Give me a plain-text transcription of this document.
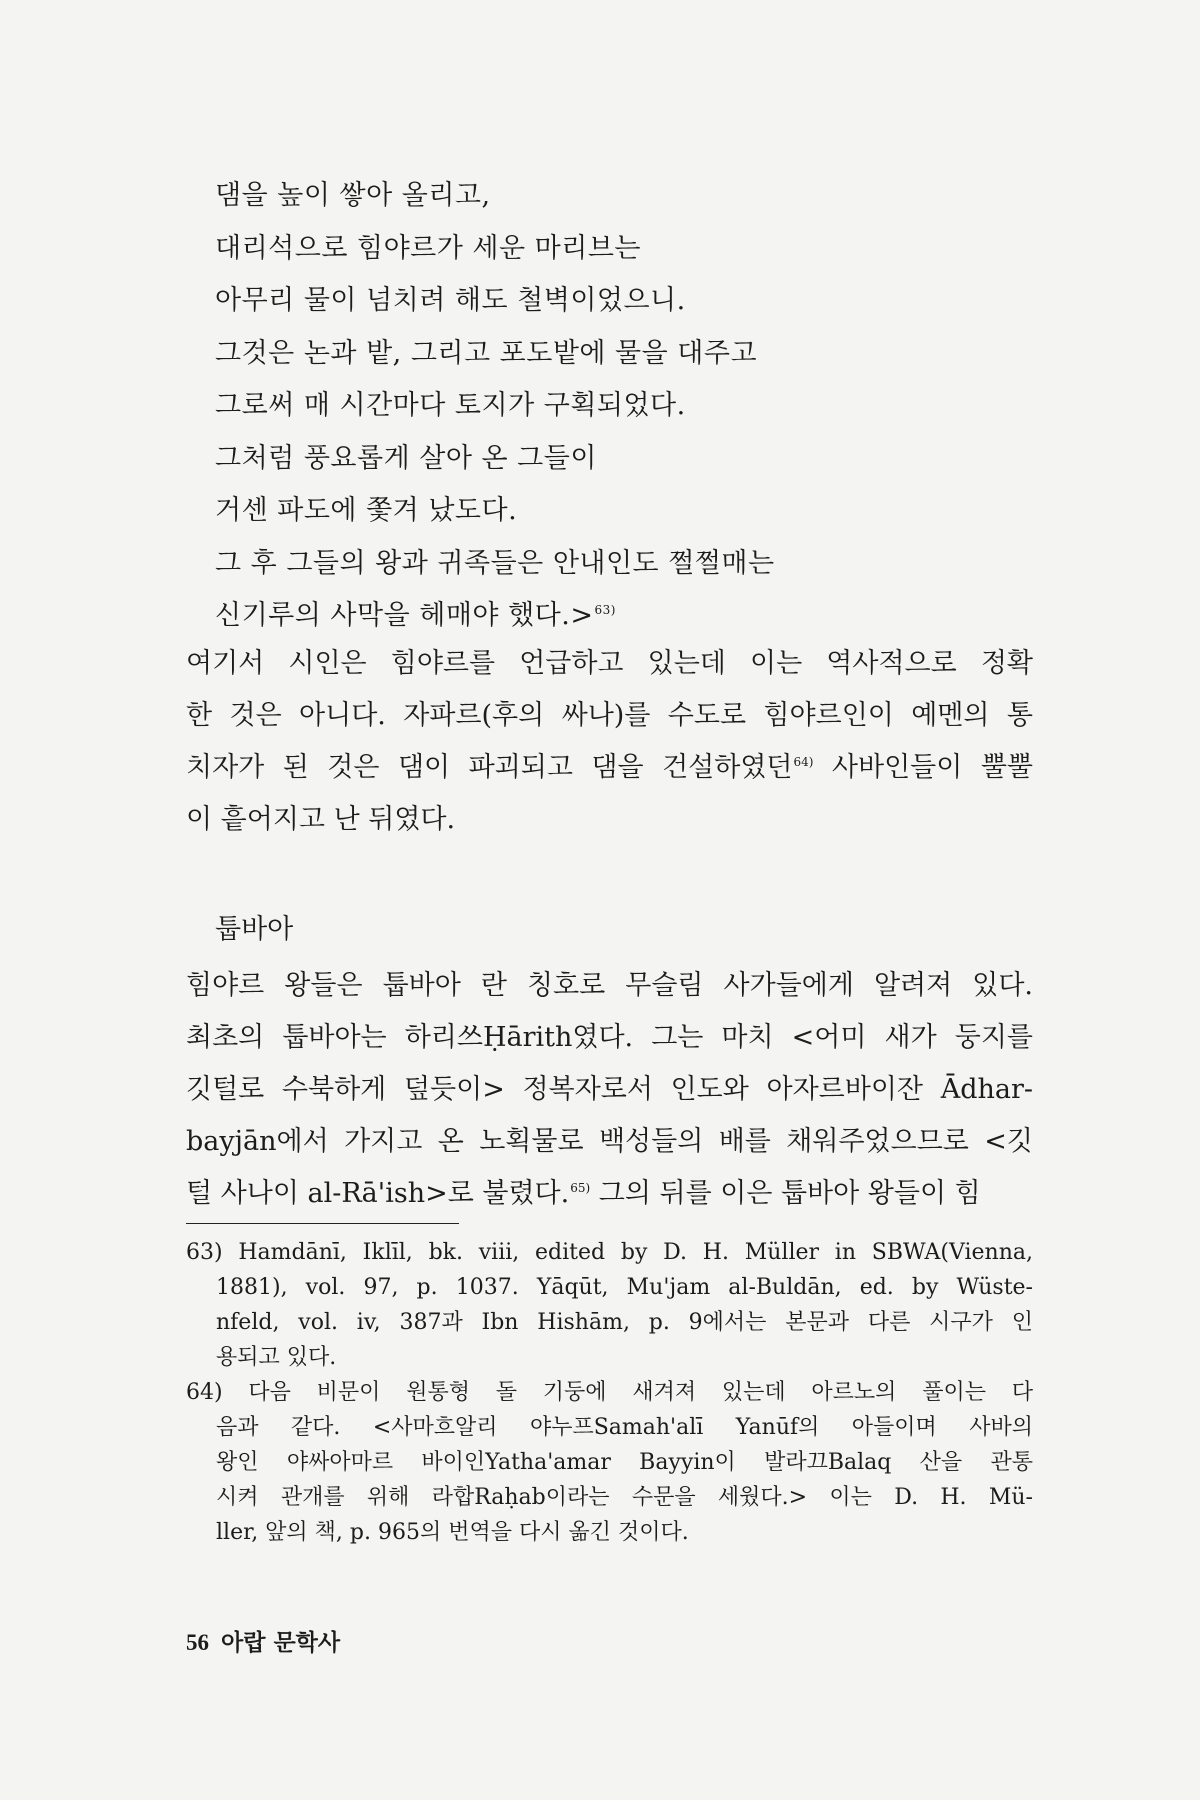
댐을 높이 쌓아 올리고,
대리석으로 힘야르가 세운 마리브는
아무리 물이 넘치려 해도 철벽이었으니.
그것은 논과 밭, 그리고 포도밭에 물을 대주고
그로써 매 시간마다 토지가 구획되었다.
그처럼 풍요롭게 살아 온 그들이
거센 파도에 쫓겨 났도다.
그 후 그들의 왕과 귀족들은 안내인도 쩔쩔매는
신기루의 사막을 헤매야 했다.>$^{63)}$
여기서 시인은 힘야르를 언급하고 있는데 이는 역사적으로 정확
한 것은 아니다. 자파르(후의 싸나)를 수도로 힘야르인이 예멘의 통
치자가 된 것은 댐이 파괴되고 댐을 건설하였던$^{64)}$ 사바인들이 뿔뿔
이 흩어지고 난 뒤였다.
툽바아
힘야르 왕들은 툽바아 란 칭호로 무슬림 사가들에게 알려져 있다.
최초의 툽바아는 하리쓰Ḥārith였다. 그는 마치 <어미 새가 둥지를
깃털로 수북하게 덮듯이> 정복자로서 인도와 아자르바이잔 Ādhar-
bayjān에서 가지고 온 노획물로 백성들의 배를 채워주었으므로 <깃
털 사나이 al-Rā'ish>로 불렸다.$^{65)}$ 그의 뒤를 이은 툽바아 왕들이 힘
63) Hamdānī, Iklīl, bk. viii, edited by D. H. Müller in SBWA(Vienna,
1881), vol. 97, p. 1037. Yāqūt, Mu'jam al-Buldān, ed. by Wüste-
nfeld, vol. iv, 387과 Ibn Hishām, p. 9에서는 본문과 다른 시구가 인
용되고 있다.
64) 다음 비문이 원통형 돌 기둥에 새겨져 있는데 아르노의 풀이는 다
음과 같다. <사마흐알리 야누프Samah'alī Yanūf의 아들이며 사바의
왕인 야싸아마르 바이인Yatha'amar Bayyin이 발라끄Balaq 산을 관통
시켜 관개를 위해 라합Raḥab이라는 수문을 세웠다.> 이는 D. H. Mü-
ller, 앞의 책, p. 965의 번역을 다시 옮긴 것이다.
56 아랍 문학사
